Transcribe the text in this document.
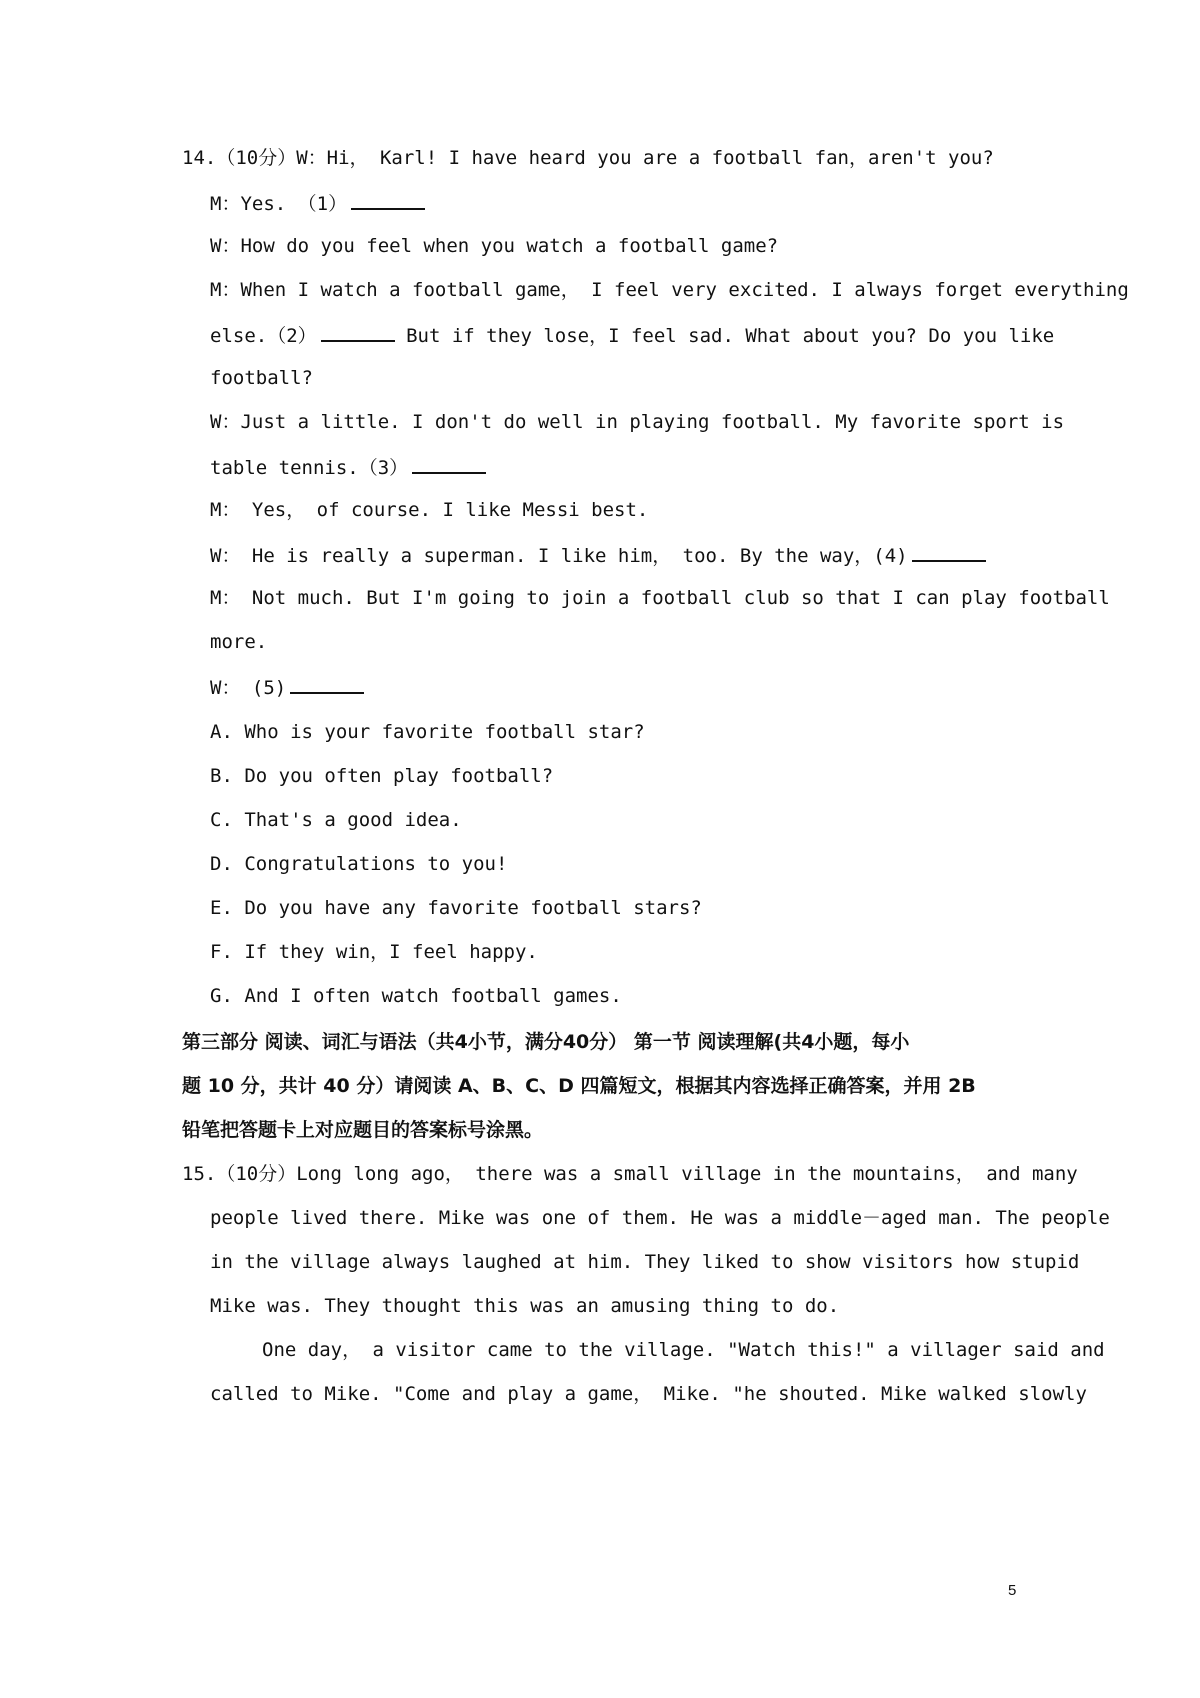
14.（10分）W：Hi， Karl! I have heard you are a football fan，aren't you?
M：Yes. （1）
W：How do you feel when you watch a football game?
M：When I watch a football game， I feel very excited. I always forget everything
else.（2）	But if they lose，I feel sad. What about you? Do you like
football?
W：Just a little. I don't do well in playing football. My favorite sport is
table tennis.（3）
M： Yes， of course. I like Messi best.
W： He is really a superman. I like him， too. By the way，(4)
M： Not much. But I'm going to join a football club so that I can play football
more.
W： (5)
A. Who is your favorite football star?
B. Do you often play football?
C. That's a good idea.
D. Congratulations to you!
E. Do you have any favorite football stars?
F. If they win，I feel happy.
G. And I often watch football games.
第三部分 阅读、词汇与语法（共4小节，满分40分） 第一节 阅读理解(共4小题，每小
题 10 分，共计 40 分）请阅读 A、B、C、D 四篇短文，根据其内容选择正确答案，并用 2B
铅笔把答题卡上对应题目的答案标号涂黑。
15.（10分）Long long ago， there was a small village in the mountains， and many
people lived there. Mike was one of them. He was a middle－aged man. The people
in the village always laughed at him. They liked to show visitors how stupid
Mike was. They thought this was an amusing thing to do.
One day， a visitor came to the village. "Watch this!" a villager said and
called to Mike. "Come and play a game， Mike. "he shouted. Mike walked slowly
5
